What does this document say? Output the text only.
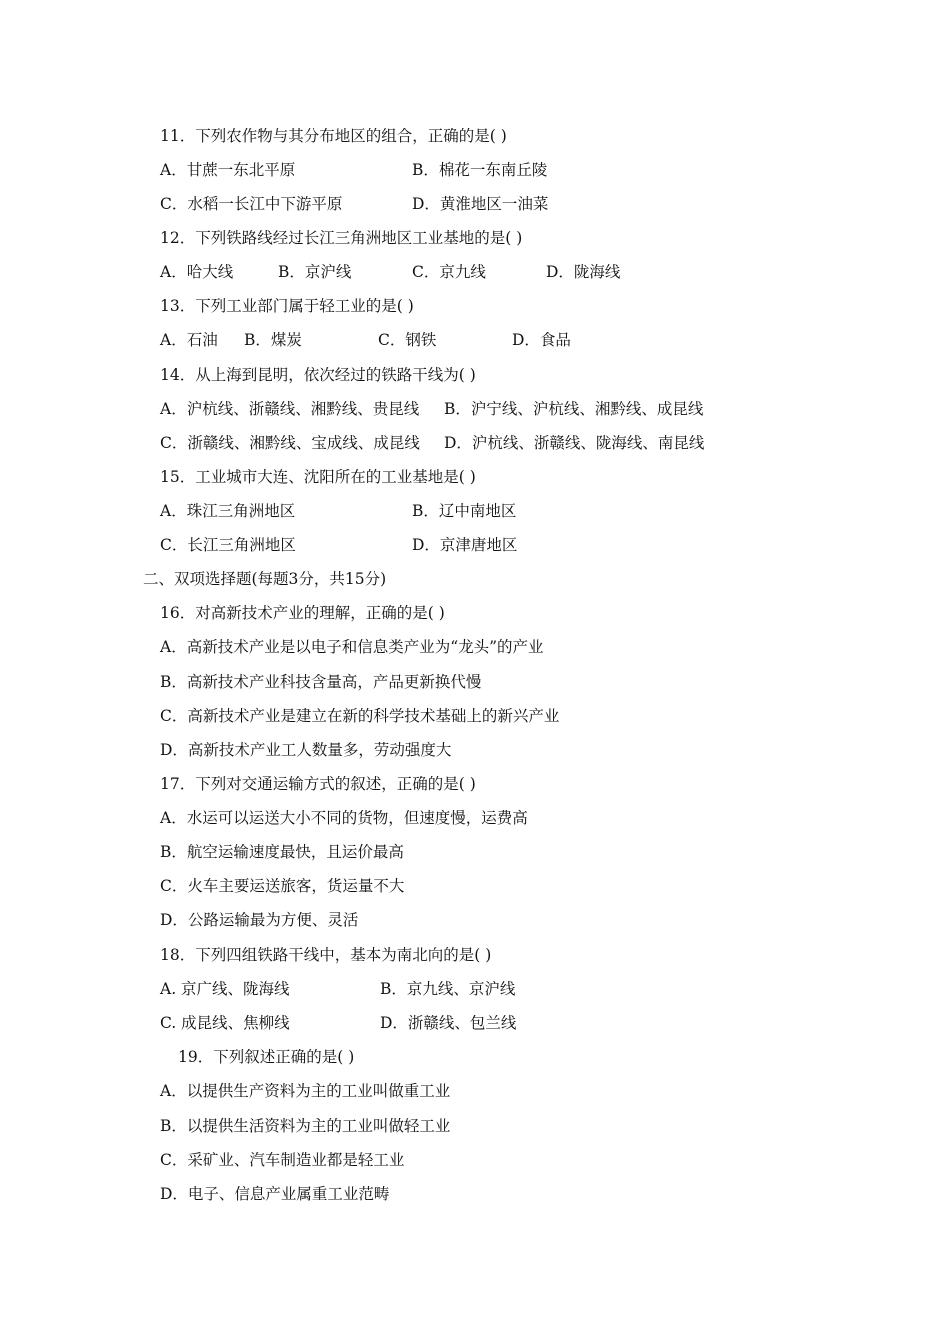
11．下列农作物与其分布地区的组合，正确的是( )
A．甘蔗一东北平原	B．棉花一东南丘陵
C．水稻一长江中下游平原	D．黄淮地区一油菜
12．下列铁路线经过长江三角洲地区工业基地的是( )
A．哈大线	B．京沪线	C．京九线	D．陇海线
13．下列工业部门属于轻工业的是( )
A．石油 B．煤炭	C．钢铁	D．食品
14．从上海到昆明，依次经过的铁路干线为( )
A．沪杭线、浙赣线、湘黔线、贵昆线 B．沪宁线、沪杭线、湘黔线、成昆线
C．浙赣线、湘黔线、宝成线、成昆线 D．沪杭线、浙赣线、陇海线、南昆线
15．工业城市大连、沈阳所在的工业基地是( )
A．珠江三角洲地区	B．辽中南地区
C．长江三角洲地区	D．京津唐地区
二、双项选择题(每题3分，共15分)
16．对高新技术产业的理解，正确的是( )
A．高新技术产业是以电子和信息类产业为“龙头”的产业
B．高新技术产业科技含量高，产品更新换代慢
C．高新技术产业是建立在新的科学技术基础上的新兴产业
D．高新技术产业工人数量多，劳动强度大
17．下列对交通运输方式的叙述，正确的是( )
A．水运可以运送大小不同的货物，但速度慢，运费高
B．航空运输速度最快，且运价最高
C．火车主要运送旅客，货运量不大
D．公路运输最为方便、灵活
18．下列四组铁路干线中，基本为南北向的是( )
A. 京广线、陇海线	B．京九线、京沪线
C. 成昆线、焦柳线	D．浙赣线、包兰线
19．下列叙述正确的是( )
A．以提供生产资料为主的工业叫做重工业
B．以提供生活资料为主的工业叫做轻工业
C．采矿业、汽车制造业都是轻工业
D．电子、信息产业属重工业范畴
